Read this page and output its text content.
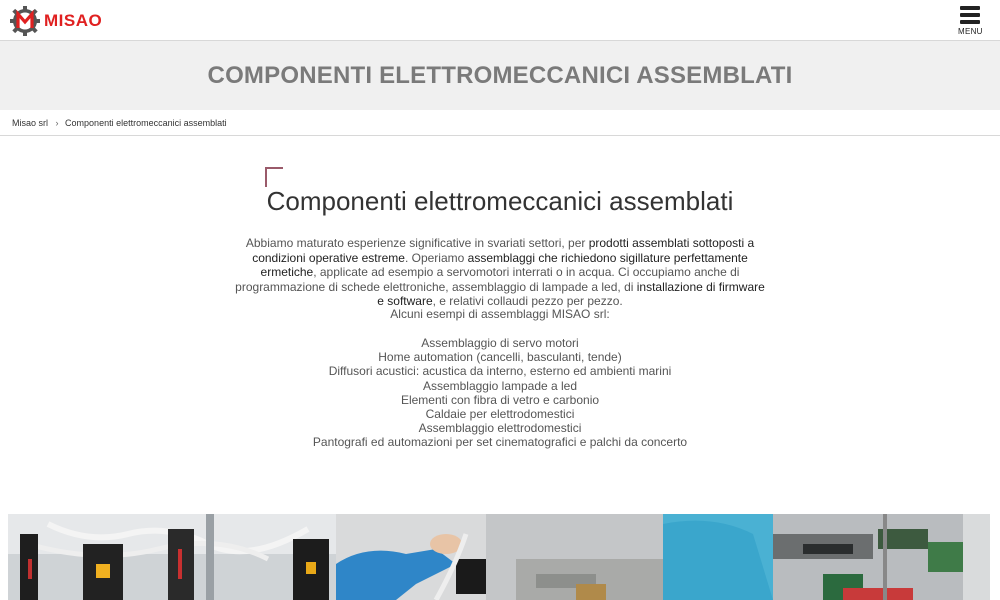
MISAO
MENU
COMPONENTI ELETTROMECCANICI ASSEMBLATI
Misao srl › Componenti elettromeccanici assemblati
Componenti elettromeccanici assemblati

Abbiamo maturato esperienze significative in svariati settori, per prodotti assemblati sottoposti a condizioni operative estreme. Operiamo assemblaggi che richiedono sigillature perfettamente ermetiche, applicate ad esempio a servomotori interrati o in acqua. Ci occupiamo anche di programmazione di schede elettroniche, assemblaggio di lampade a led, di installazione di firmware e software, e relativi collaudi pezzo per pezzo.

Alcuni esempi di assemblaggi MISAO srl:

Assemblaggio di servo motori
Home automation (cancelli, basculanti, tende)
Diffusori acustici: acustica da interno, esterno ed ambienti marini
Assemblaggio lampade a led
Elementi con fibra di vetro e carbonio
Caldaie per elettrodomestici
Assemblaggio elettrodomestici
Pantografi ed automazioni per set cinematografici e palchi da concerto
